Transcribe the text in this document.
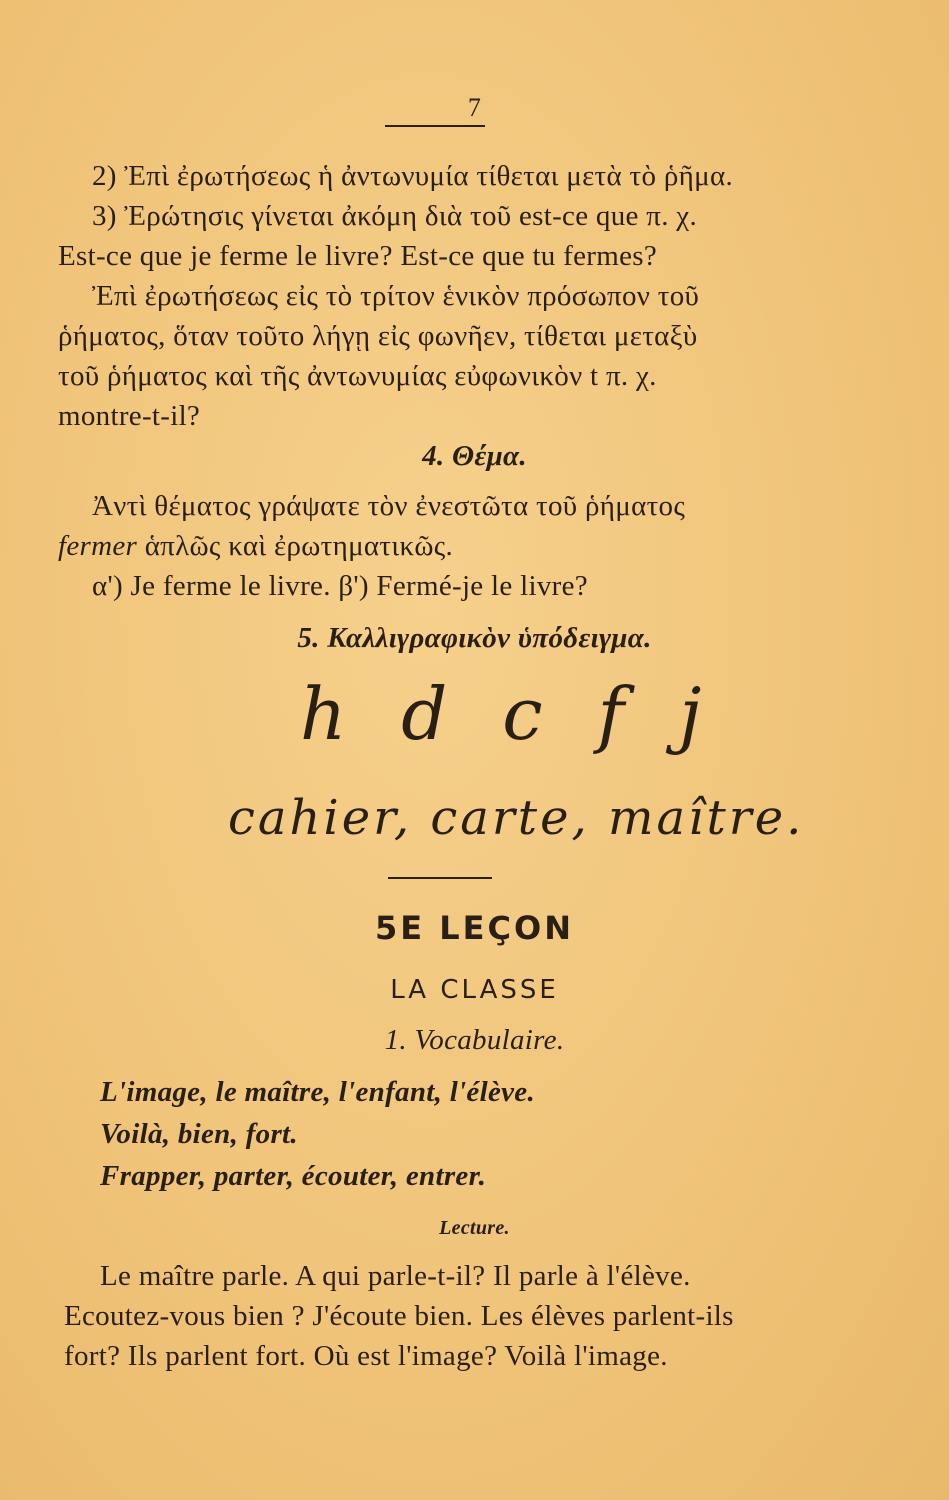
7
2) Ἐπὶ ἐρωτήσεως ἡ ἀντωνυμία τίθεται μετὰ τὸ ῥῆμα.
3) Ἐρώτησις γίνεται ἀκόμη διὰ τοῦ est-ce que π. χ.
Est-ce que je ferme le livre? Est-ce que tu fermes?
Ἐπὶ ἐρωτήσεως εἰς τὸ τρίτον ἑνικὸν πρόσωπον τοῦ
ῥήματος, ὅταν τοῦτο λήγῃ εἰς φωνῆεν, τίθεται μεταξὺ
τοῦ ῥήματος καὶ τῆς ἀντωνυμίας εὐφωνικὸν t π. χ.
montre-t-il?
4. Θέμα.
Ἀντὶ θέματος γράψατε τὸν ἐνεστῶτα τοῦ ῥήματος
fermer ἁπλῶς καὶ ἐρωτηματικῶς.
α') Je ferme le livre. β') Fermé-je le livre?
5. Καλλιγραφικὸν ὑπόδειγμα.
h d c f j
cahier, carte, maître.
5E LEÇON
LA CLASSE
1. Vocabulaire.
L'image, le maître, l'enfant, l'élève.
Voilà, bien, fort.
Frapper, parter, écouter, entrer.
Lecture.
Le maître parle. A qui parle-t-il? Il parle à l'élève.
Ecoutez-vous bien ? J'écoute bien. Les élèves parlent-ils
fort? Ils parlent fort. Où est l'image? Voilà l'image.
